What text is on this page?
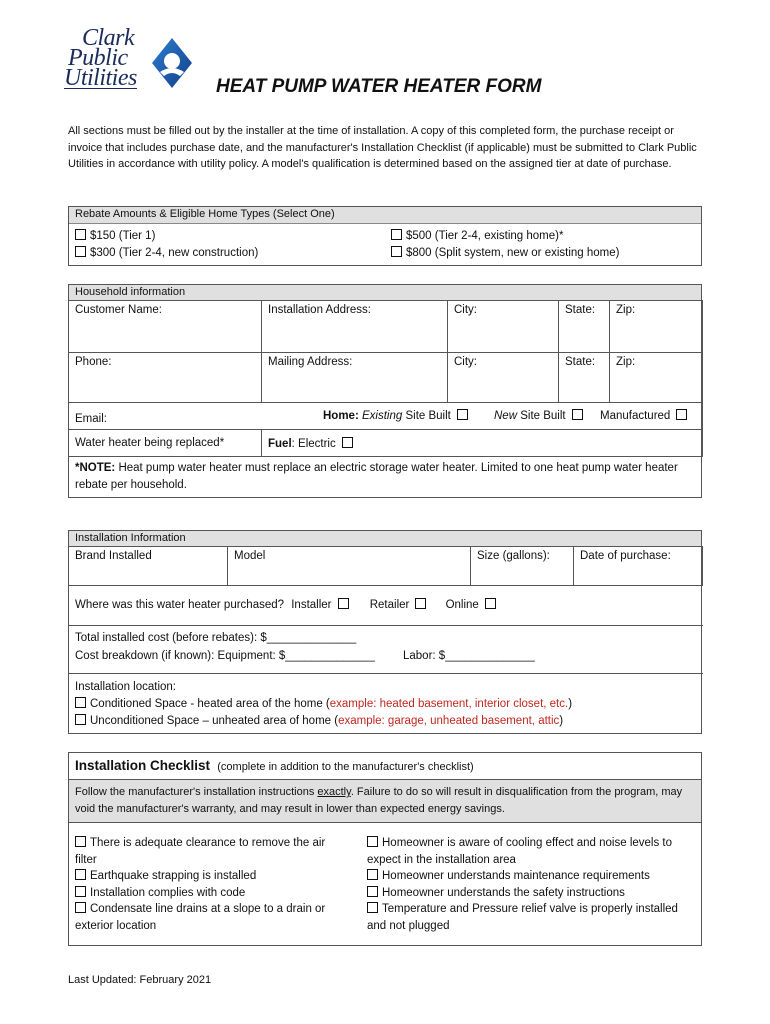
Clark
Public
Utilities	HEAT PUMP WATER HEATER FORM
All sections must be filled out by the installer at the time of installation. A copy of this completed form, the purchase receipt or invoice that includes purchase date, and the manufacturer's Installation Checklist (if applicable) must be submitted to Clark Public Utilities in accordance with utility policy. A model's qualification is determined based on the assigned tier at date of purchase.
Rebate Amounts & Eligible Home Types (Select One)
$150 (Tier 1)
$300 (Tier 2-4, new construction)
$500 (Tier 2-4, existing home)*
$800 (Split system, new or existing home)
Household information
Customer Name:	Installation Address:	City:	State:	Zip:
Phone:	Mailing Address:	City:	State:	Zip:
Email:	Home: Existing Site Built	New Site Built	Manufactured
Water heater being replaced*	Fuel: Electric
*NOTE: Heat pump water heater must replace an electric storage water heater. Limited to one heat pump water heater rebate per household.
Installation Information
Brand Installed	Model	Size (gallons):	Date of purchase:
Where was this water heater purchased? Installer	Retailer	Online
Total installed cost (before rebates): $______________
Cost breakdown (if known): Equipment: $______________ Labor: $______________
Installation location:
Conditioned Space - heated area of the home (example: heated basement, interior closet, etc.)
Unconditioned Space – unheated area of home (example: garage, unheated basement, attic)
Installation Checklist (complete in addition to the manufacturer's checklist)
Follow the manufacturer's installation instructions exactly. Failure to do so will result in disqualification from the program, may void the manufacturer's warranty, and may result in lower than expected energy savings.
There is adequate clearance to remove the air
filter
Earthquake strapping is installed
Installation complies with code
Condensate line drains at a slope to a drain or
exterior location
Homeowner is aware of cooling effect and noise levels to
expect in the installation area
Homeowner understands maintenance requirements
Homeowner understands the safety instructions
Temperature and Pressure relief valve is properly installed
and not plugged
Last Updated: February 2021
